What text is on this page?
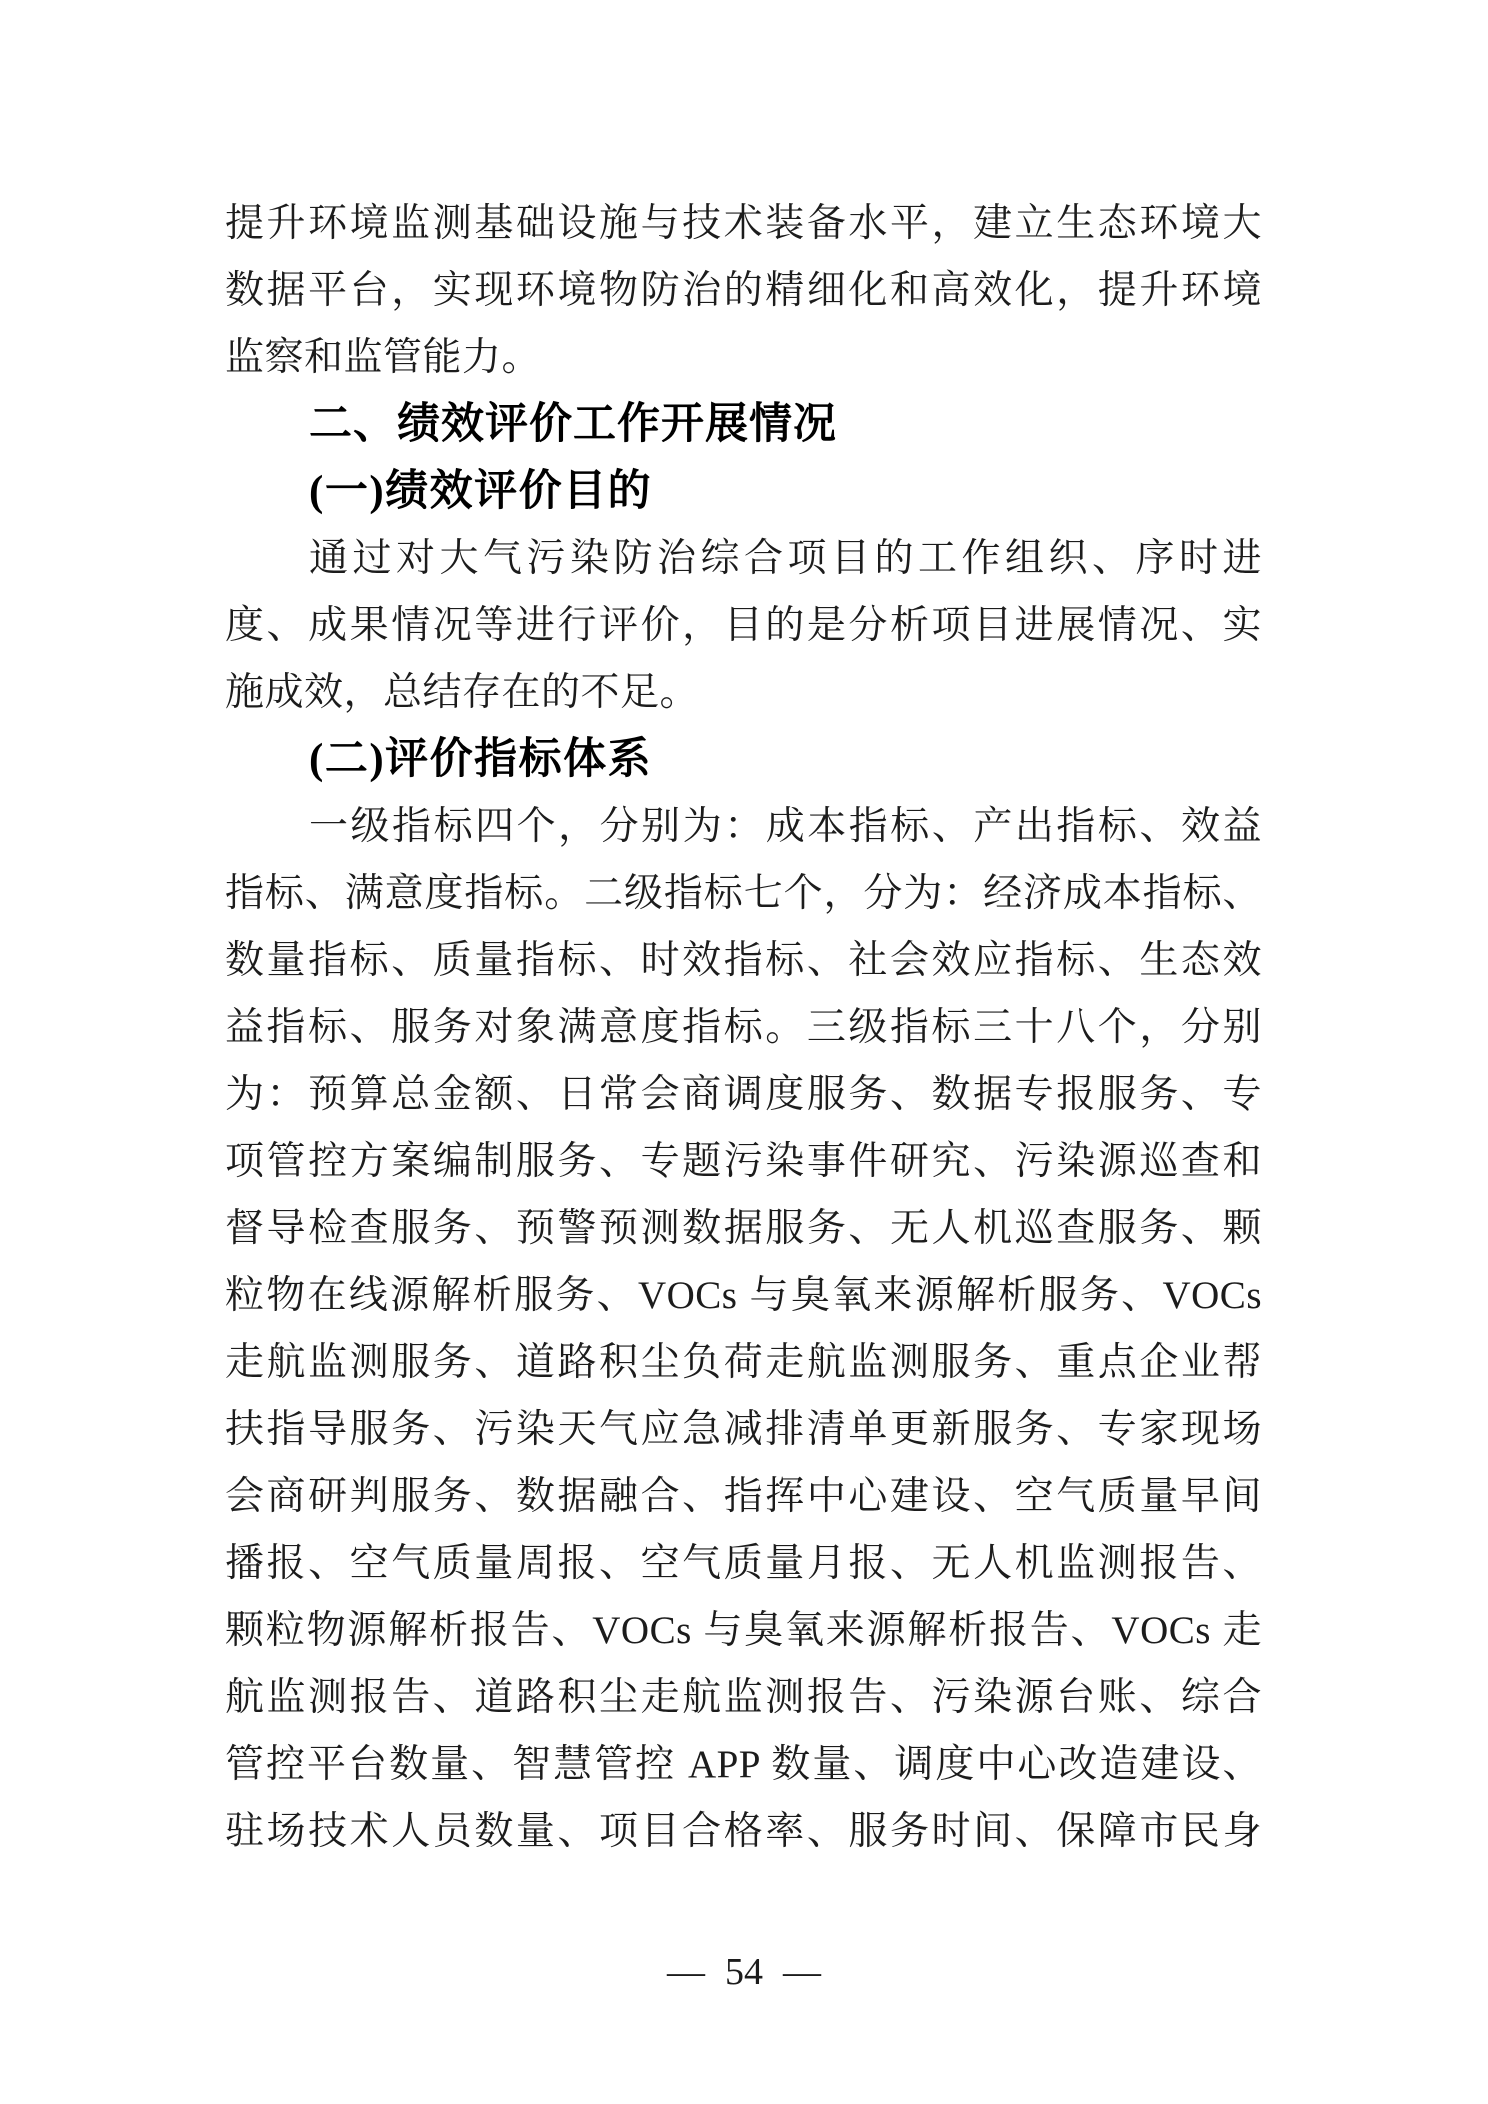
提升环境监测基础设施与技术装备水平，建立生态环境大
数据平台，实现环境物防治的精细化和高效化，提升环境
监察和监管能力。
二、绩效评价工作开展情况
(一)绩效评价目的
通过对大气污染防治综合项目的工作组织、序时进
度、成果情况等进行评价，目的是分析项目进展情况、实
施成效，总结存在的不足。
(二)评价指标体系
一级指标四个，分别为：成本指标、产出指标、效益
指标、满意度指标。二级指标七个，分为：经济成本指标、
数量指标、质量指标、时效指标、社会效应指标、生态效
益指标、服务对象满意度指标。三级指标三十八个，分别
为：预算总金额、日常会商调度服务、数据专报服务、专
项管控方案编制服务、专题污染事件研究、污染源巡查和
督导检查服务、预警预测数据服务、无人机巡查服务、颗
粒物在线源解析服务、VOCs 与臭氧来源解析服务、VOCs
走航监测服务、道路积尘负荷走航监测服务、重点企业帮
扶指导服务、污染天气应急减排清单更新服务、专家现场
会商研判服务、数据融合、指挥中心建设、空气质量早间
播报、空气质量周报、空气质量月报、无人机监测报告、
颗粒物源解析报告、VOCs 与臭氧来源解析报告、VOCs 走
航监测报告、道路积尘走航监测报告、污染源台账、综合
管控平台数量、智慧管控 APP 数量、调度中心改造建设、
驻场技术人员数量、项目合格率、服务时间、保障市民身
— 54 —
